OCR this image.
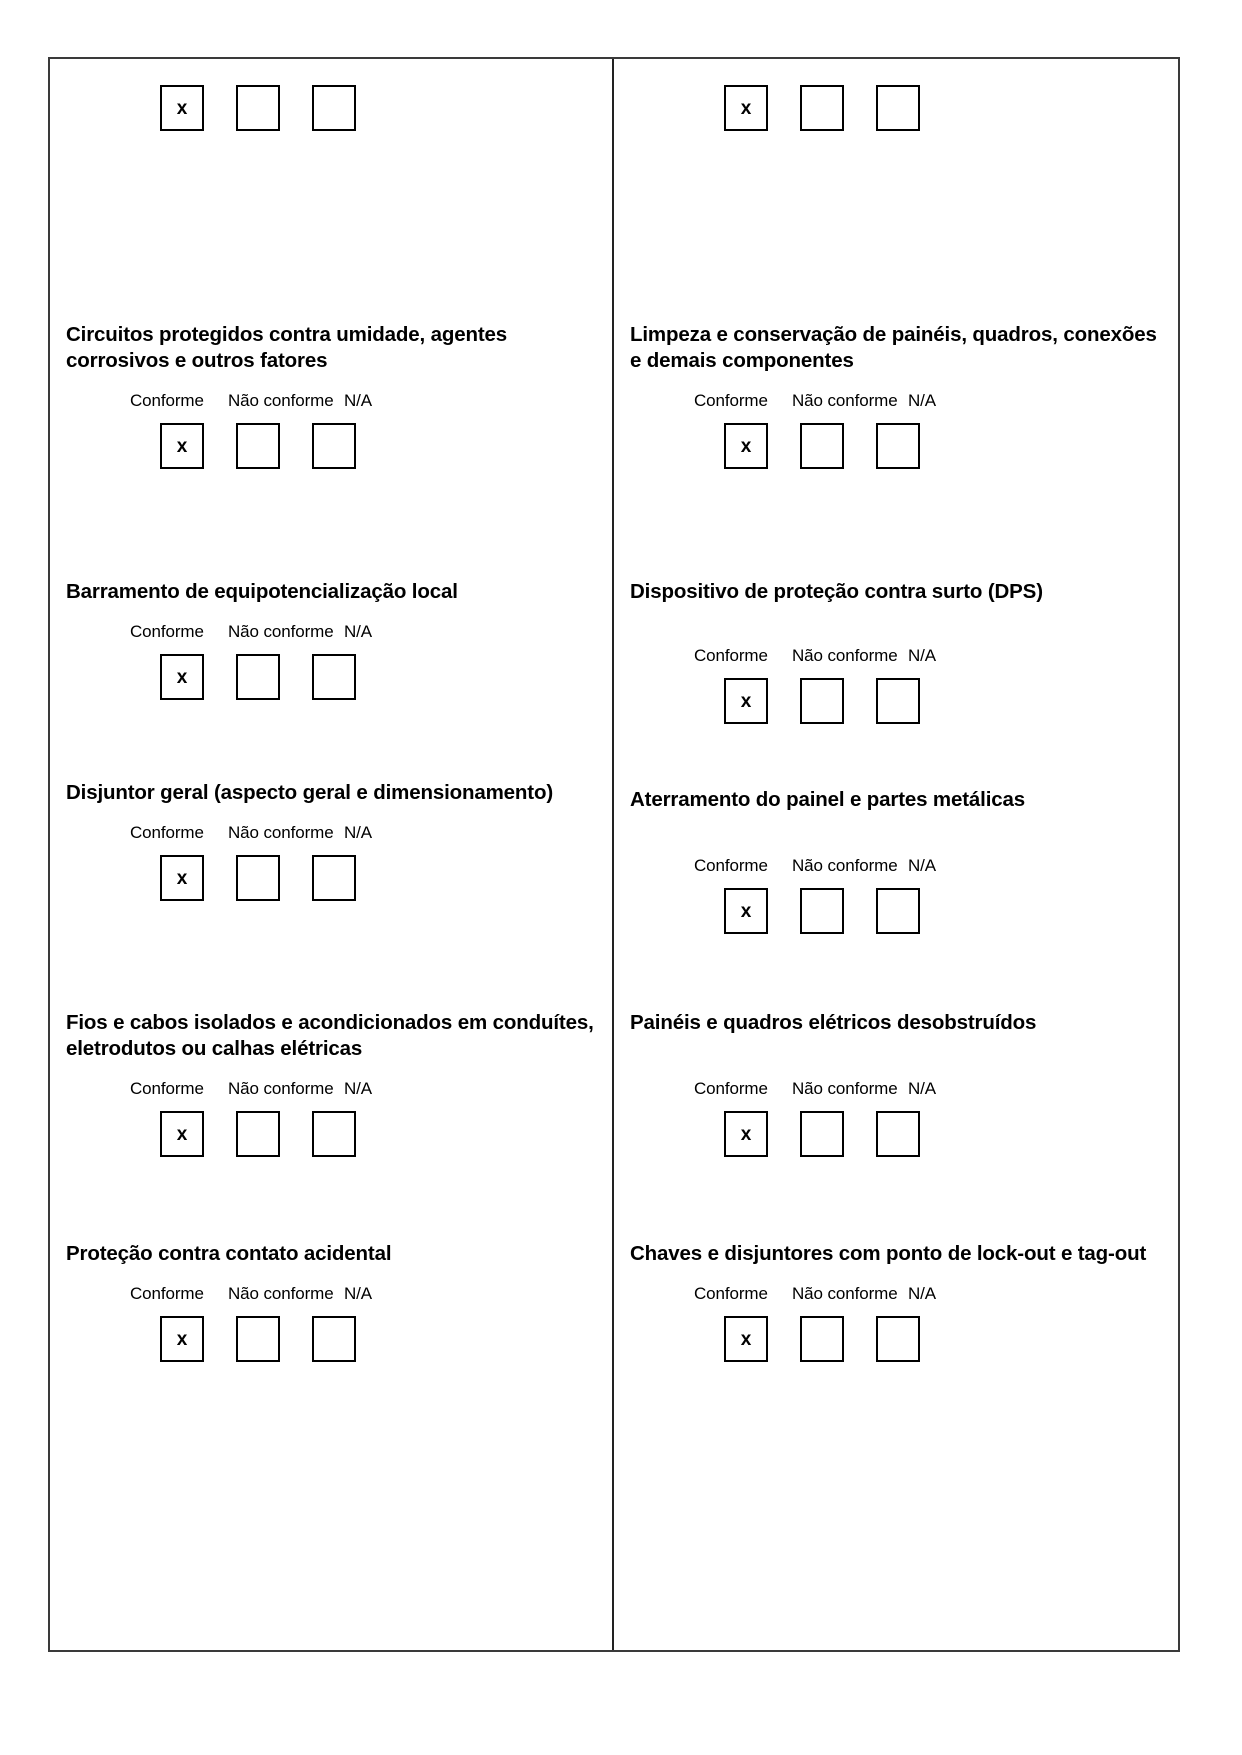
x
Circuitos protegidos contra umidade, agentes corrosivos e outros fatores
Conforme	Não conforme N/A
x
Barramento de equipotencialização local
Conforme	Não conforme N/A
x
Disjuntor geral (aspecto geral e dimensionamento)
Conforme	Não conforme N/A
x
Fios e cabos isolados e acondicionados em conduítes, eletrodutos ou calhas elétricas
Conforme	Não conforme N/A
x
Proteção contra contato acidental
Conforme	Não conforme N/A
x
x
Limpeza e conservação de painéis, quadros, conexões e demais componentes
Conforme	Não conforme N/A
x
Dispositivo de proteção contra surto (DPS)
Conforme	Não conforme N/A
x
Aterramento do painel e partes metálicas
Conforme	Não conforme N/A
x
Painéis e quadros elétricos desobstruídos
Conforme	Não conforme N/A
x
Chaves e disjuntores com ponto de lock-out e tag-out
Conforme	Não conforme N/A
x
